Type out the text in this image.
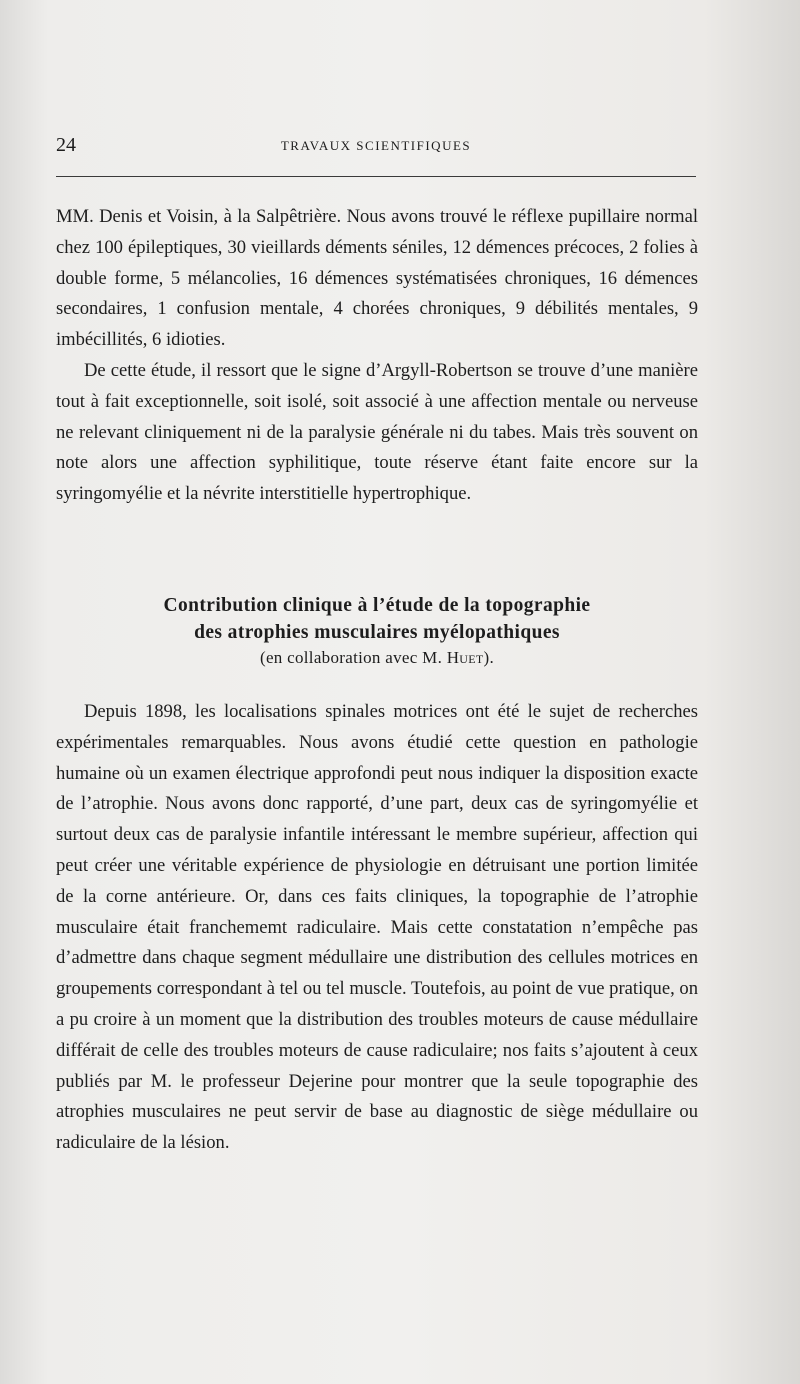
24	TRAVAUX SCIENTIFIQUES

MM. Denis et Voisin, à la Salpêtrière. Nous avons trouvé le réflexe pupillaire normal chez 100 épileptiques, 30 vieillards déments séniles, 12 démences précoces, 2 folies à double forme, 5 mélancolies, 16 démences systématisées chroniques, 16 démences secondaires, 1 confusion mentale, 4 chorées chroniques, 9 débilités mentales, 9 imbécillités, 6 idioties.

De cette étude, il ressort que le signe d’Argyll-Robertson se trouve d’une manière tout à fait exceptionnelle, soit isolé, soit associé à une affection mentale ou nerveuse ne relevant cliniquement ni de la paralysie générale ni du tabes. Mais très souvent on note alors une affection syphilitique, toute réserve étant faite encore sur la syringomyélie et la névrite interstitielle hypertrophique.

Contribution clinique à l’étude de la topographie

des atrophies musculaires myélopathiques

(en collaboration avec M. Huet).

Depuis 1898, les localisations spinales motrices ont été le sujet de recherches expérimentales remarquables. Nous avons étudié cette question en pathologie humaine où un examen électrique approfondi peut nous indiquer la disposition exacte de l’atrophie. Nous avons donc rapporté, d’une part, deux cas de syringomyélie et surtout deux cas de paralysie infantile intéressant le membre supérieur, affection qui peut créer une véritable expérience de physiologie en détruisant une portion limitée de la corne antérieure. Or, dans ces faits cliniques, la topographie de l’atrophie musculaire était franchememt radiculaire. Mais cette constatation n’empêche pas d’admettre dans chaque segment médullaire une distribution des cellules motrices en groupements correspondant à tel ou tel muscle. Toutefois, au point de vue pratique, on a pu croire à un moment que la distribution des troubles moteurs de cause médullaire différait de celle des troubles moteurs de cause radiculaire; nos faits s’ajoutent à ceux publiés par M. le professeur Dejerine pour montrer que la seule topographie des atrophies musculaires ne peut servir de base au diagnostic de siège médullaire ou radiculaire de la lésion.
